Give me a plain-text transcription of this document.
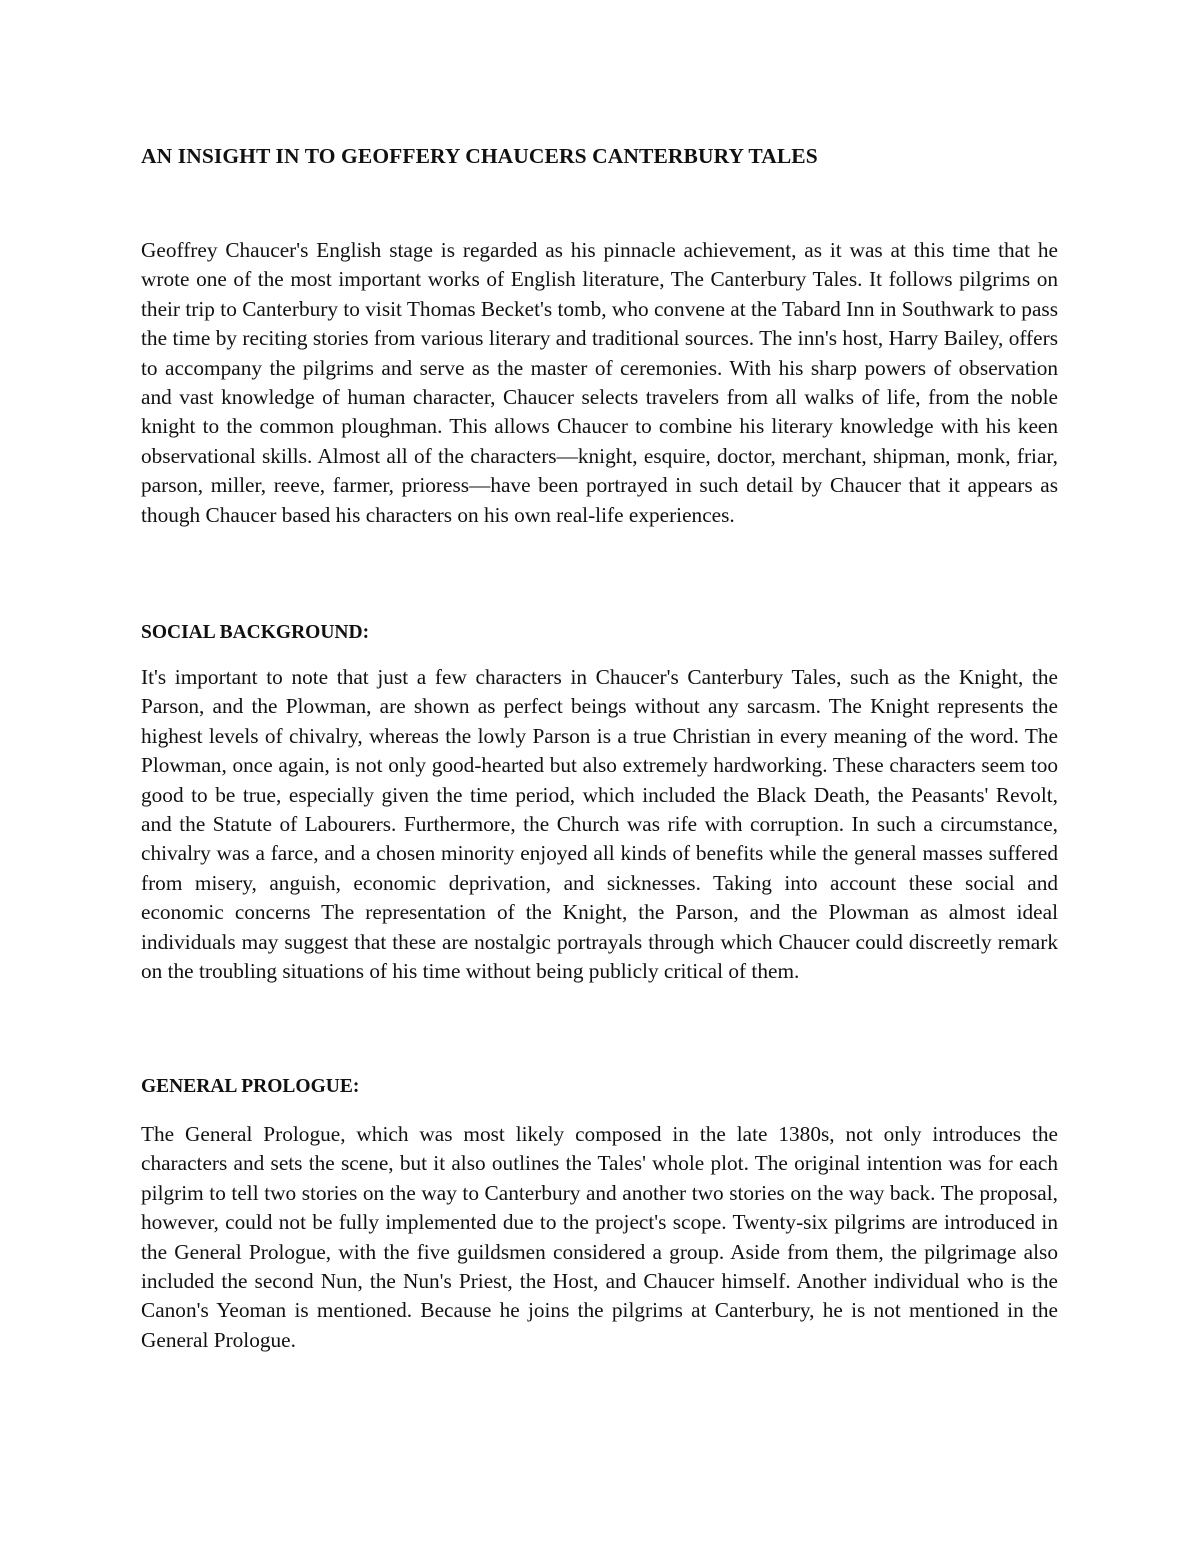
AN INSIGHT IN TO GEOFFERY CHAUCERS CANTERBURY TALES

Geoffrey Chaucer's English stage is regarded as his pinnacle achievement, as it was at this time that he wrote one of the most important works of English literature, The Canterbury Tales. It follows pilgrims on their trip to Canterbury to visit Thomas Becket's tomb, who convene at the Tabard Inn in Southwark to pass the time by reciting stories from various literary and traditional sources. The inn's host, Harry Bailey, offers to accompany the pilgrims and serve as the master of ceremonies. With his sharp powers of observation and vast knowledge of human character, Chaucer selects travelers from all walks of life, from the noble knight to the common ploughman. This allows Chaucer to combine his literary knowledge with his keen observational skills. Almost all of the characters—knight, esquire, doctor, merchant, shipman, monk, friar, parson, miller, reeve, farmer, prioress—have been portrayed in such detail by Chaucer that it appears as though Chaucer based his characters on his own real-life experiences.

SOCIAL BACKGROUND:

It's important to note that just a few characters in Chaucer's Canterbury Tales, such as the Knight, the Parson, and the Plowman, are shown as perfect beings without any sarcasm. The Knight represents the highest levels of chivalry, whereas the lowly Parson is a true Christian in every meaning of the word. The Plowman, once again, is not only good-hearted but also extremely hardworking. These characters seem too good to be true, especially given the time period, which included the Black Death, the Peasants' Revolt, and the Statute of Labourers. Furthermore, the Church was rife with corruption. In such a circumstance, chivalry was a farce, and a chosen minority enjoyed all kinds of benefits while the general masses suffered from misery, anguish, economic deprivation, and sicknesses. Taking into account these social and economic concerns The representation of the Knight, the Parson, and the Plowman as almost ideal individuals may suggest that these are nostalgic portrayals through which Chaucer could discreetly remark on the troubling situations of his time without being publicly critical of them.

GENERAL PROLOGUE:

The General Prologue, which was most likely composed in the late 1380s, not only introduces the characters and sets the scene, but it also outlines the Tales' whole plot. The original intention was for each pilgrim to tell two stories on the way to Canterbury and another two stories on the way back. The proposal, however, could not be fully implemented due to the project's scope. Twenty-six pilgrims are introduced in the General Prologue, with the five guildsmen considered a group. Aside from them, the pilgrimage also included the second Nun, the Nun's Priest, the Host, and Chaucer himself. Another individual who is the Canon's Yeoman is mentioned. Because he joins the pilgrims at Canterbury, he is not mentioned in the General Prologue.
